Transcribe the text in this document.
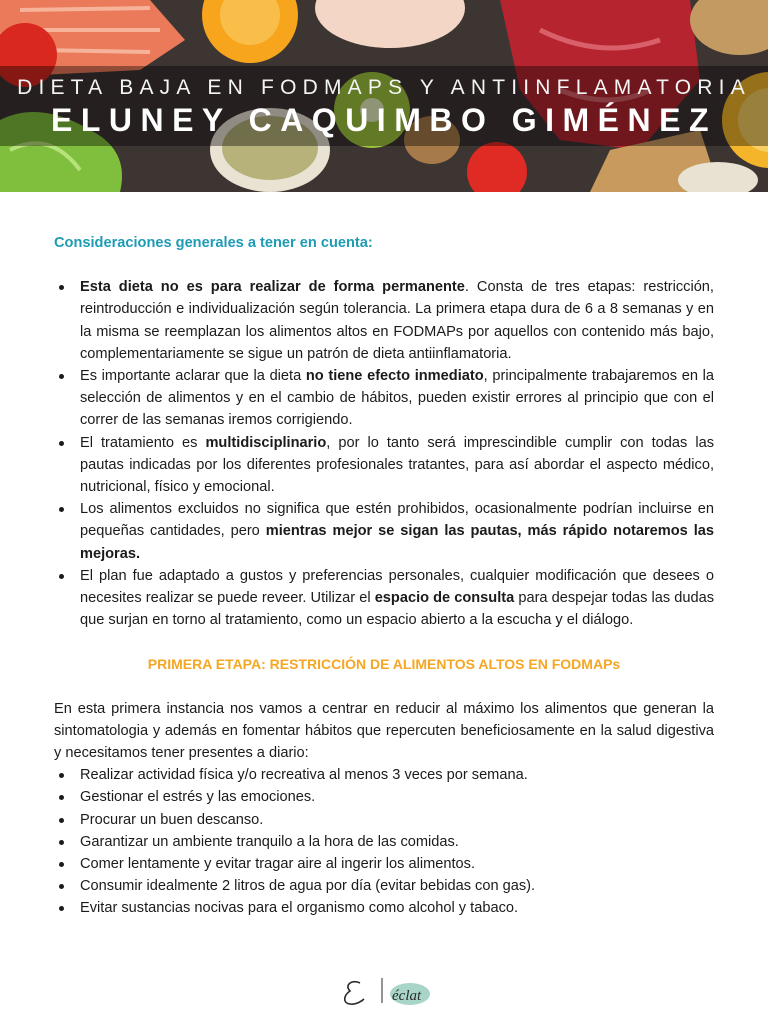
DIETA BAJA EN FODMAPS Y ANTIINFLAMATORIA
ELUNEY CAQUIMBO GIMÉNEZ
Consideraciones generales a tener en cuenta:
Esta dieta no es para realizar de forma permanente. Consta de tres etapas: restricción, reintroducción e individualización según tolerancia. La primera etapa dura de 6 a 8 semanas y en la misma se reemplazan los alimentos altos en FODMAPs por aquellos con contenido más bajo, complementariamente se sigue un patrón de dieta antiinflamatoria.
Es importante aclarar que la dieta no tiene efecto inmediato, principalmente trabajaremos en la selección de alimentos y en el cambio de hábitos, pueden existir errores al principio que con el correr de las semanas iremos corrigiendo.
El tratamiento es multidisciplinario, por lo tanto será imprescindible cumplir con todas las pautas indicadas por los diferentes profesionales tratantes, para así abordar el aspecto médico, nutricional, físico y emocional.
Los alimentos excluidos no significa que estén prohibidos, ocasionalmente podrían incluirse en pequeñas cantidades, pero mientras mejor se sigan las pautas, más rápido notaremos las mejoras.
El plan fue adaptado a gustos y preferencias personales, cualquier modificación que desees o necesites realizar se puede reveer. Utilizar el espacio de consulta para despejar todas las dudas que surjan en torno al tratamiento, como un espacio abierto a la escucha y el diálogo.
PRIMERA ETAPA: RESTRICCIÓN DE ALIMENTOS ALTOS EN FODMAPs

En esta primera instancia nos vamos a centrar en reducir al máximo los alimentos que generan la sintomatologia y además en fomentar hábitos que repercuten beneficiosamente en la salud digestiva y necesitamos tener presentes a diario:

Realizar actividad física y/o recreativa al menos 3 veces por semana.
Gestionar el estrés y las emociones.
Procurar un buen descanso.
Garantizar un ambiente tranquilo a la hora de las comidas.
Comer lentamente y evitar tragar aire al ingerir los alimentos.
Consumir idealmente 2 litros de agua por día (evitar bebidas con gas).
Evitar sustancias nocivas para el organismo como alcohol y tabaco.
éclat
